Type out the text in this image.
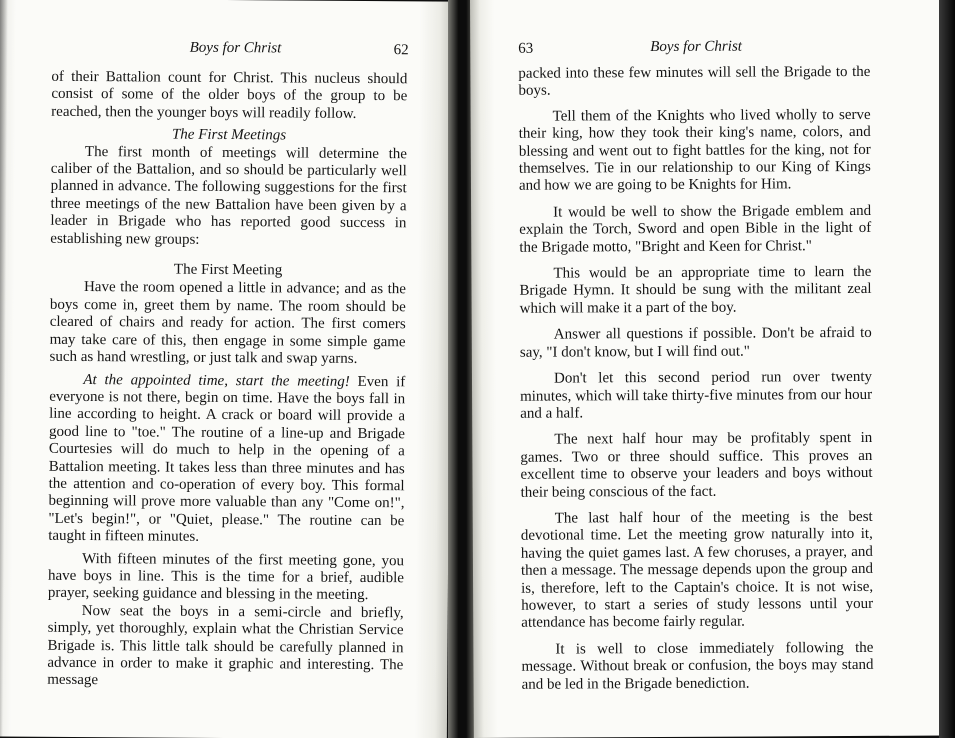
Boys for Christ	62

of their Battalion count for Christ. This nucleus should consist of some of the older boys of the group to be reached, then the younger boys will readily follow.

The First Meetings

The first month of meetings will determine the caliber of the Battalion, and so should be particularly well planned in advance. The following suggestions for the first three meetings of the new Battalion have been given by a leader in Brigade who has reported good success in establishing new groups:

The First Meeting

Have the room opened a little in advance; and as the boys come in, greet them by name. The room should be cleared of chairs and ready for action. The first comers may take care of this, then engage in some simple game such as hand wrestling, or just talk and swap yarns.

At the appointed time, start the meeting! Even if everyone is not there, begin on time. Have the boys fall in line according to height. A crack or board will provide a good line to "toe." The routine of a line-up and Brigade Courtesies will do much to help in the opening of a Battalion meeting. It takes less than three minutes and has the attention and co-operation of every boy. This formal beginning will prove more valuable than any "Come on!", "Let's begin!", or "Quiet, please." The routine can be taught in fifteen minutes.

With fifteen minutes of the first meeting gone, you have boys in line. This is the time for a brief, audible prayer, seeking guidance and blessing in the meeting.

Now seat the boys in a semi-circle and briefly, simply, yet thoroughly, explain what the Christian Service Brigade is. This little talk should be carefully planned in advance in order to make it graphic and interesting. The message

63	Boys for Christ

packed into these few minutes will sell the Brigade to the boys.

Tell them of the Knights who lived wholly to serve their king, how they took their king's name, colors, and blessing and went out to fight battles for the king, not for themselves. Tie in our relationship to our King of Kings and how we are going to be Knights for Him.

It would be well to show the Brigade emblem and explain the Torch, Sword and open Bible in the light of the Brigade motto, "Bright and Keen for Christ."

This would be an appropriate time to learn the Brigade Hymn. It should be sung with the militant zeal which will make it a part of the boy.

Answer all questions if possible. Don't be afraid to say, "I don't know, but I will find out."

Don't let this second period run over twenty minutes, which will take thirty-five minutes from our hour and a half.

The next half hour may be profitably spent in games. Two or three should suffice. This proves an excellent time to observe your leaders and boys without their being conscious of the fact.

The last half hour of the meeting is the best devotional time. Let the meeting grow naturally into it, having the quiet games last. A few choruses, a prayer, and then a message. The message depends upon the group and is, therefore, left to the Captain's choice. It is not wise, however, to start a series of study lessons until your attendance has become fairly regular.

It is well to close immediately following the message. Without break or confusion, the boys may stand and be led in the Brigade benediction.
